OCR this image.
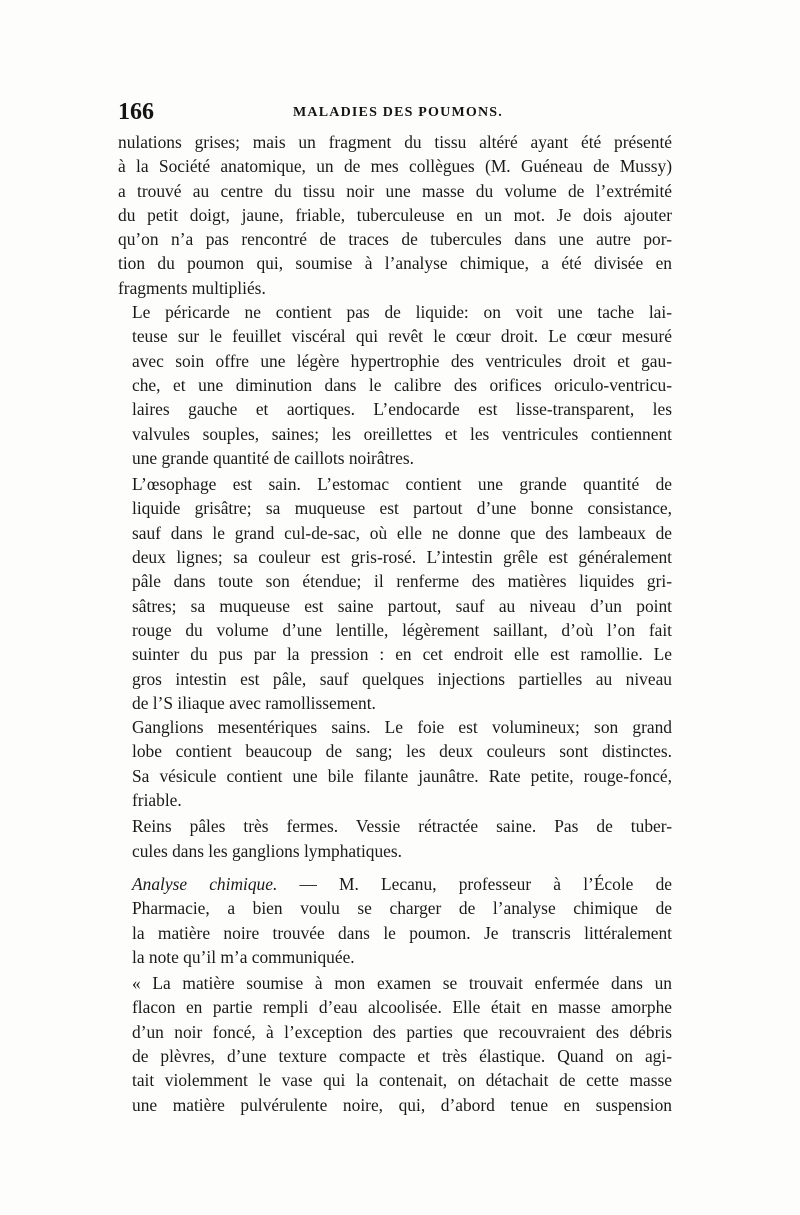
166	MALADIES DES POUMONS.

nulations grises; mais un fragment du tissu altéré ayant été présenté
à la Société anatomique, un de mes collègues (M. Guéneau de Mussy)
a trouvé au centre du tissu noir une masse du volume de l’extrémité
du petit doigt, jaune, friable, tuberculeuse en un mot. Je dois ajouter
qu’on n’a pas rencontré de traces de tubercules dans une autre por-
tion du poumon qui, soumise à l’analyse chimique, a été divisée en
fragments multipliés.

Le péricarde ne contient pas de liquide: on voit une tache lai-
teuse sur le feuillet viscéral qui revêt le cœur droit. Le cœur mesuré
avec soin offre une légère hypertrophie des ventricules droit et gau-
che, et une diminution dans le calibre des orifices oriculo-ventricu-
laires gauche et aortiques. L’endocarde est lisse-transparent, les
valvules souples, saines; les oreillettes et les ventricules contiennent
une grande quantité de caillots noirâtres.

L’œsophage est sain. L’estomac contient une grande quantité de
liquide grisâtre; sa muqueuse est partout d’une bonne consistance,
sauf dans le grand cul-de-sac, où elle ne donne que des lambeaux de
deux lignes; sa couleur est gris-rosé. L’intestin grêle est généralement
pâle dans toute son étendue; il renferme des matières liquides gri-
sâtres; sa muqueuse est saine partout, sauf au niveau d’un point
rouge du volume d’une lentille, légèrement saillant, d’où l’on fait
suinter du pus par la pression : en cet endroit elle est ramollie. Le
gros intestin est pâle, sauf quelques injections partielles au niveau
de l’S iliaque avec ramollissement.

Ganglions mesentériques sains. Le foie est volumineux; son grand
lobe contient beaucoup de sang; les deux couleurs sont distinctes.
Sa vésicule contient une bile filante jaunâtre. Rate petite, rouge-foncé,
friable.

Reins pâles très fermes. Vessie rétractée saine. Pas de tuber-
cules dans les ganglions lymphatiques.

Analyse chimique. — M. Lecanu, professeur à l’École de
Pharmacie, a bien voulu se charger de l’analyse chimique de
la matière noire trouvée dans le poumon. Je transcris littéralement
la note qu’il m’a communiquée.

« La matière soumise à mon examen se trouvait enfermée dans un
flacon en partie rempli d’eau alcoolisée. Elle était en masse amorphe
d’un noir foncé, à l’exception des parties que recouvraient des débris
de plèvres, d’une texture compacte et très élastique. Quand on agi-
tait violemment le vase qui la contenait, on détachait de cette masse
une matière pulvérulente noire, qui, d’abord tenue en suspension
